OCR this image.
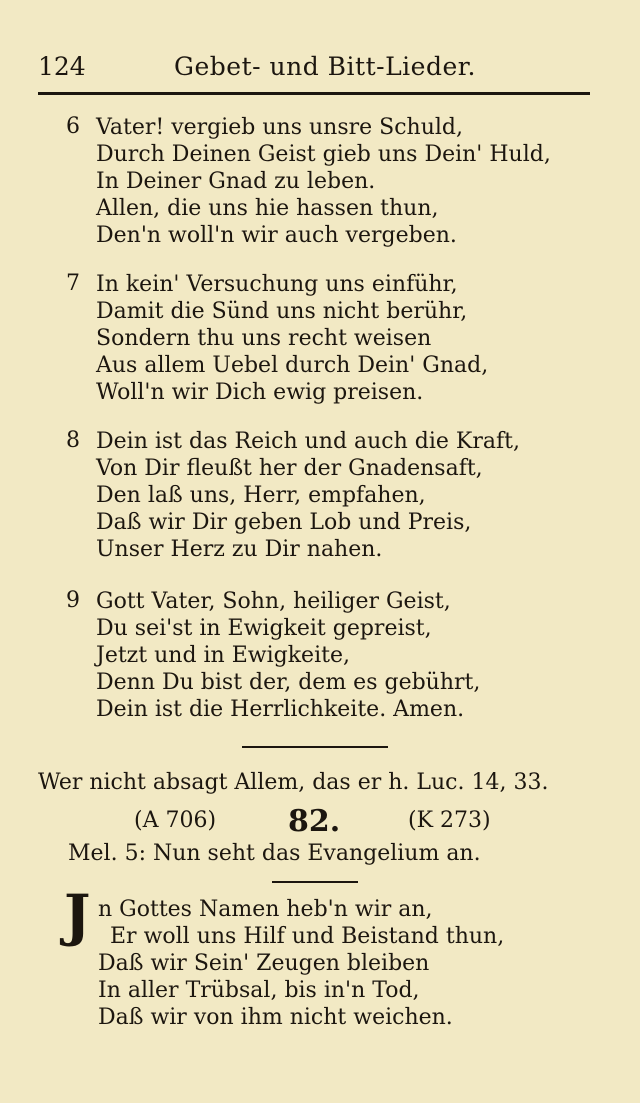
124	Gebet- und Bitt-Lieder.
6 Vater! vergieb uns unsre Schuld,
Durch Deinen Geist gieb uns Dein' Huld,
In Deiner Gnad zu leben.
Allen, die uns hie hassen thun,
Den'n woll'n wir auch vergeben.
7 In kein' Versuchung uns einführ,
Damit die Sünd uns nicht berühr,
Sondern thu uns recht weisen
Aus allem Uebel durch Dein' Gnad,
Woll'n wir Dich ewig preisen.
8 Dein ist das Reich und auch die Kraft,
Von Dir fleußt her der Gnadensaft,
Den laß uns, Herr, empfahen,
Daß wir Dir geben Lob und Preis,
Unser Herz zu Dir nahen.
9 Gott Vater, Sohn, heiliger Geist,
Du sei'st in Ewigkeit gepreist,
Jetzt und in Ewigkeite,
Denn Du bist der, dem es gebührt,
Dein ist die Herrlichkeite. Amen.
Wer nicht absagt Allem, das er h. Luc. 14, 33.
(A 706) 82.	(K 273)
Mel. 5: Nun seht das Evangelium an.
J n Gottes Namen heb'n wir an,
Er woll uns Hilf und Beistand thun,
Daß wir Sein' Zeugen bleiben
In aller Trübsal, bis in'n Tod,
Daß wir von ihm nicht weichen.
